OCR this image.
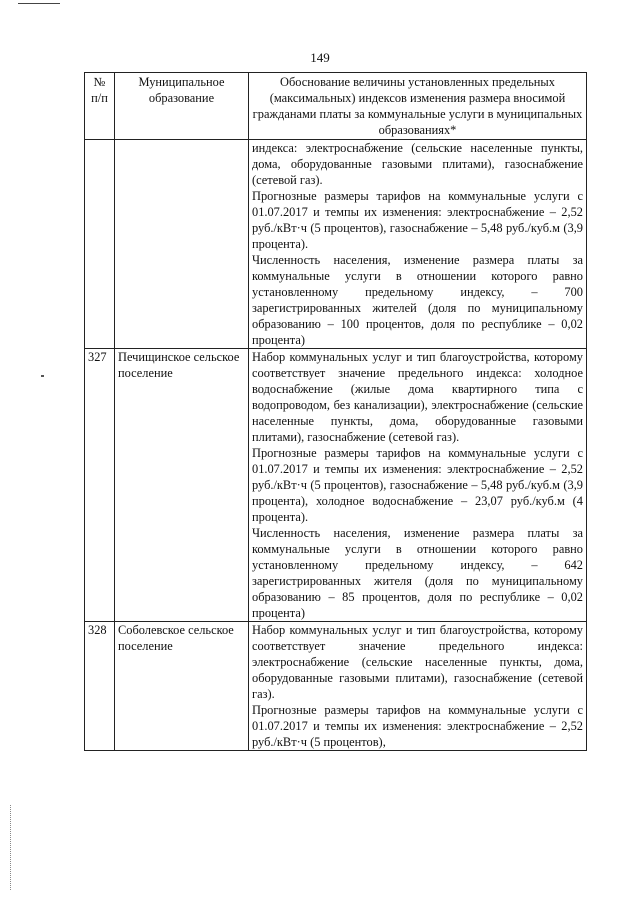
149
№ п/п	Муниципальное образование	Обоснование величины установленных предельных (максимальных) индексов изменения размера вносимой гражданами платы за коммунальные услуги в муниципальных образованиях*

		индекса: электроснабжение (сельские населенные пункты, дома, оборудованные газовыми плитами), газоснабжение (сетевой газ).
Прогнозные размеры тарифов на коммунальные услуги с 01.07.2017 и темпы их изменения: электроснабжение – 2,52 руб./кВт·ч (5 процентов), газоснабжение – 5,48 руб./куб.м (3,9 процента).
Численность населения, изменение размера платы за коммунальные услуги в отношении которого равно установленному предельному индексу, – 700 зарегистрированных жителей (доля по муниципальному образованию – 100 процентов, доля по республике – 0,02 процента)

327	Печищинское сельское поселение	Набор коммунальных услуг и тип благоустройства, которому соответствует значение предельного индекса: холодное водоснабжение (жилые дома квартирного типа с водопроводом, без канализации), электроснабжение (сельские населенные пункты, дома, оборудованные газовыми плитами), газоснабжение (сетевой газ).
Прогнозные размеры тарифов на коммунальные услуги с 01.07.2017 и темпы их изменения: электроснабжение – 2,52 руб./кВт·ч (5 процентов), газоснабжение – 5,48 руб./куб.м (3,9 процента), холодное водоснабжение – 23,07 руб./куб.м (4 процента).
Численность населения, изменение размера платы за коммунальные услуги в отношении которого равно установленному предельному индексу, – 642 зарегистрированных жителя (доля по муниципальному образованию – 85 процентов, доля по республике – 0,02 процента)

328	Соболевское сельское поселение	Набор коммунальных услуг и тип благоустройства, которому соответствует значение предельного индекса: электроснабжение (сельские населенные пункты, дома, оборудованные газовыми плитами), газоснабжение (сетевой газ).
Прогнозные размеры тарифов на коммунальные услуги с 01.07.2017 и темпы их изменения: электроснабжение – 2,52 руб./кВт·ч (5 процентов),
